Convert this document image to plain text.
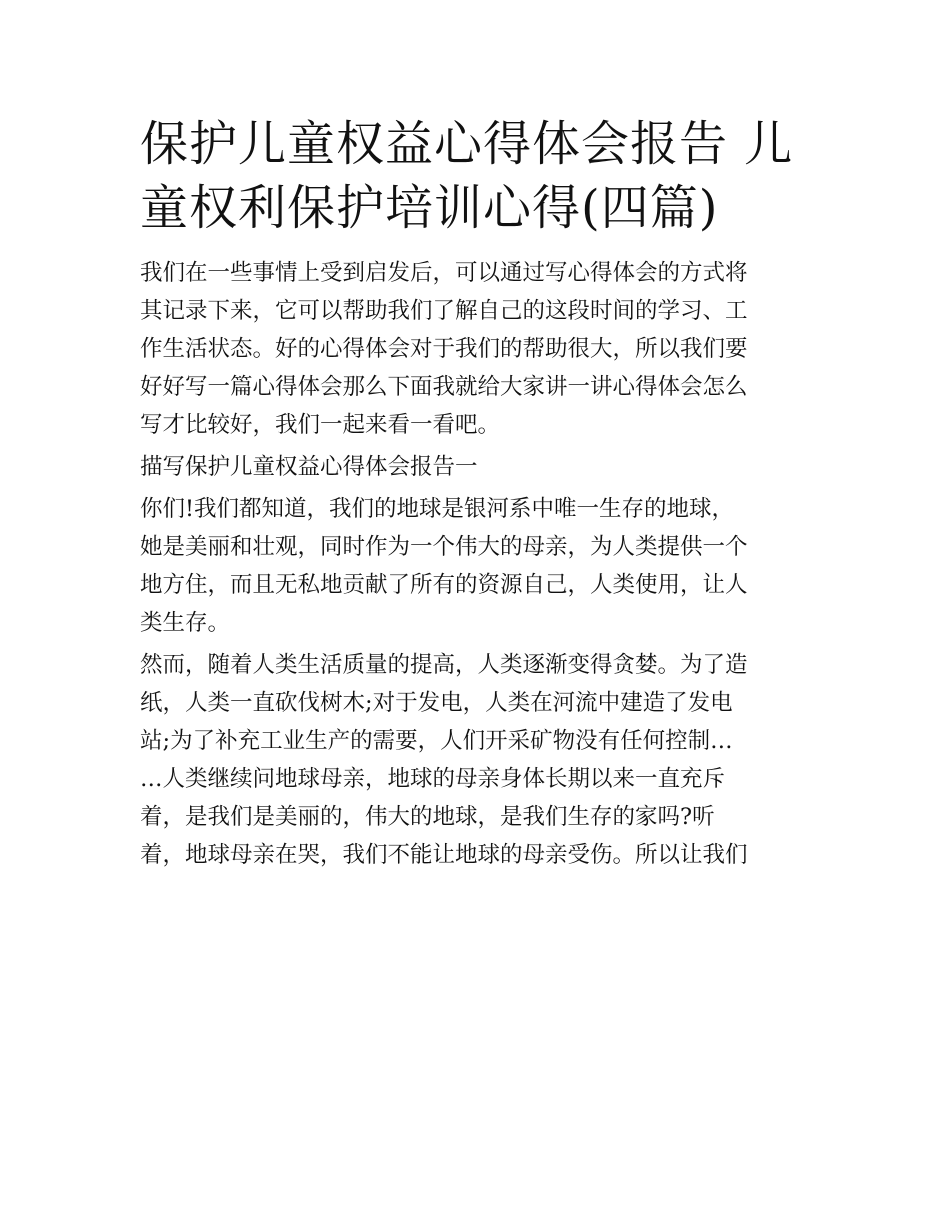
保护儿童权益心得体会报告 儿
童权利保护培训心得(四篇)
我们在一些事情上受到启发后，可以通过写心得体会的方式将
其记录下来，它可以帮助我们了解自己的这段时间的学习、工
作生活状态。好的心得体会对于我们的帮助很大，所以我们要
好好写一篇心得体会那么下面我就给大家讲一讲心得体会怎么
写才比较好，我们一起来看一看吧。
描写保护儿童权益心得体会报告一
你们!我们都知道，我们的地球是银河系中唯一生存的地球，
她是美丽和壮观，同时作为一个伟大的母亲，为人类提供一个
地方住，而且无私地贡献了所有的资源自己，人类使用，让人
类生存。
然而，随着人类生活质量的提高，人类逐渐变得贪婪。为了造
纸，人类一直砍伐树木;对于发电，人类在河流中建造了发电
站;为了补充工业生产的需要，人们开采矿物没有任何控制…
…人类继续问地球母亲，地球的母亲身体长期以来一直充斥
着，是我们是美丽的，伟大的地球，是我们生存的家吗?听
着，地球母亲在哭，我们不能让地球的母亲受伤。所以让我们
